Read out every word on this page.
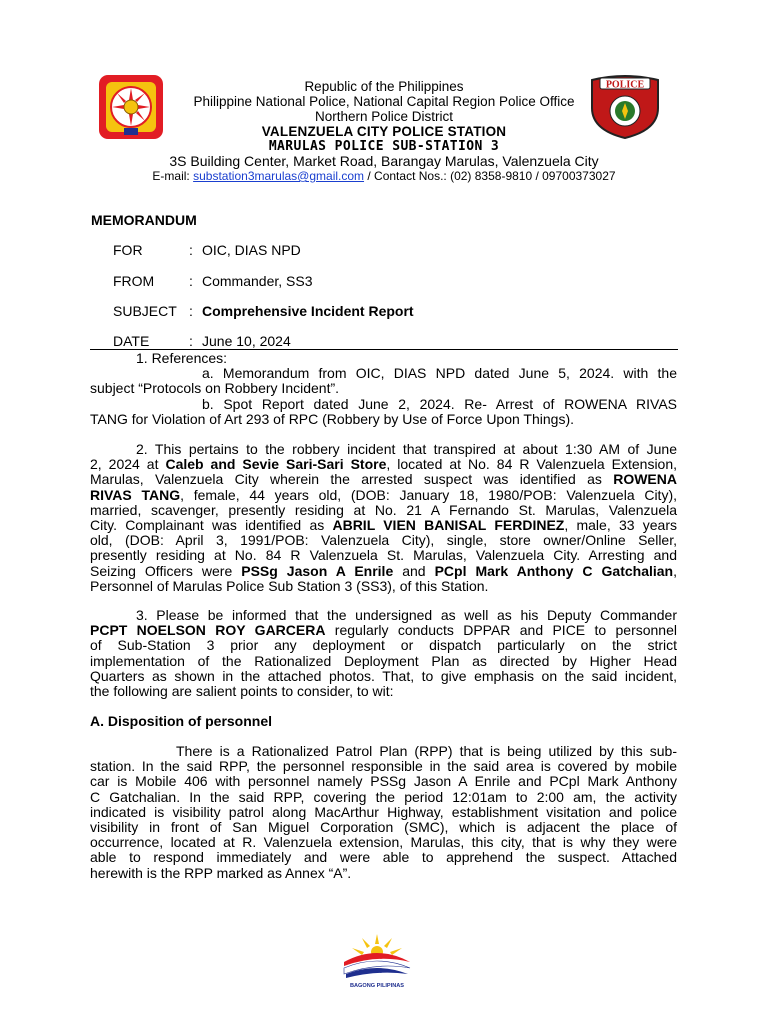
POLICE
Republic of the Philippines
Philippine National Police, National Capital Region Police Office
Northern Police District
VALENZUELA CITY POLICE STATION
MARULAS POLICE SUB-STATION 3
3S Building Center, Market Road, Barangay Marulas, Valenzuela City
E-mail: substation3marulas@gmail.com / Contact Nos.: (02) 8358-9810 / 09700373027
MEMORANDUM
FOR	: OIC, DIAS NPD
FROM : Commander, SS3
SUBJECT : Comprehensive Incident Report
DATE	: June 10, 2024
1. References:
a. Memorandum from OIC, DIAS NPD dated June 5, 2024. with the
subject “Protocols on Robbery Incident”.
b. Spot Report dated June 2, 2024. Re- Arrest of ROWENA RIVAS
TANG for Violation of Art 293 of RPC (Robbery by Use of Force Upon Things).
2. This pertains to the robbery incident that transpired at about 1:30 AM of June
2, 2024 at Caleb and Sevie Sari-Sari Store, located at No. 84 R Valenzuela Extension,
Marulas, Valenzuela City wherein the arrested suspect was identified as ROWENA
RIVAS TANG, female, 44 years old, (DOB: January 18, 1980/POB: Valenzuela City),
married, scavenger, presently residing at No. 21 A Fernando St. Marulas, Valenzuela
City. Complainant was identified as ABRIL VIEN BANISAL FERDINEZ, male, 33 years
old, (DOB: April 3, 1991/POB: Valenzuela City), single, store owner/Online Seller,
presently residing at No. 84 R Valenzuela St. Marulas, Valenzuela City. Arresting and
Seizing Officers were PSSg Jason A Enrile and PCpl Mark Anthony C Gatchalian,
Personnel of Marulas Police Sub Station 3 (SS3), of this Station.
3. Please be informed that the undersigned as well as his Deputy Commander
PCPT NOELSON ROY GARCERA regularly conducts DPPAR and PICE to personnel
of Sub-Station 3 prior any deployment or dispatch particularly on the strict
implementation of the Rationalized Deployment Plan as directed by Higher Head
Quarters as shown in the attached photos. That, to give emphasis on the said incident,
the following are salient points to consider, to wit:
A. Disposition of personnel
There is a Rationalized Patrol Plan (RPP) that is being utilized by this sub-
station. In the said RPP, the personnel responsible in the said area is covered by mobile
car is Mobile 406 with personnel namely PSSg Jason A Enrile and PCpl Mark Anthony
C Gatchalian. In the said RPP, covering the period 12:01am to 2:00 am, the activity
indicated is visibility patrol along MacArthur Highway, establishment visitation and police
visibility in front of San Miguel Corporation (SMC), which is adjacent the place of
occurrence, located at R. Valenzuela extension, Marulas, this city, that is why they were
able to respond immediately and were able to apprehend the suspect. Attached
herewith is the RPP marked as Annex “A”.
BAGONG PILIPINAS
